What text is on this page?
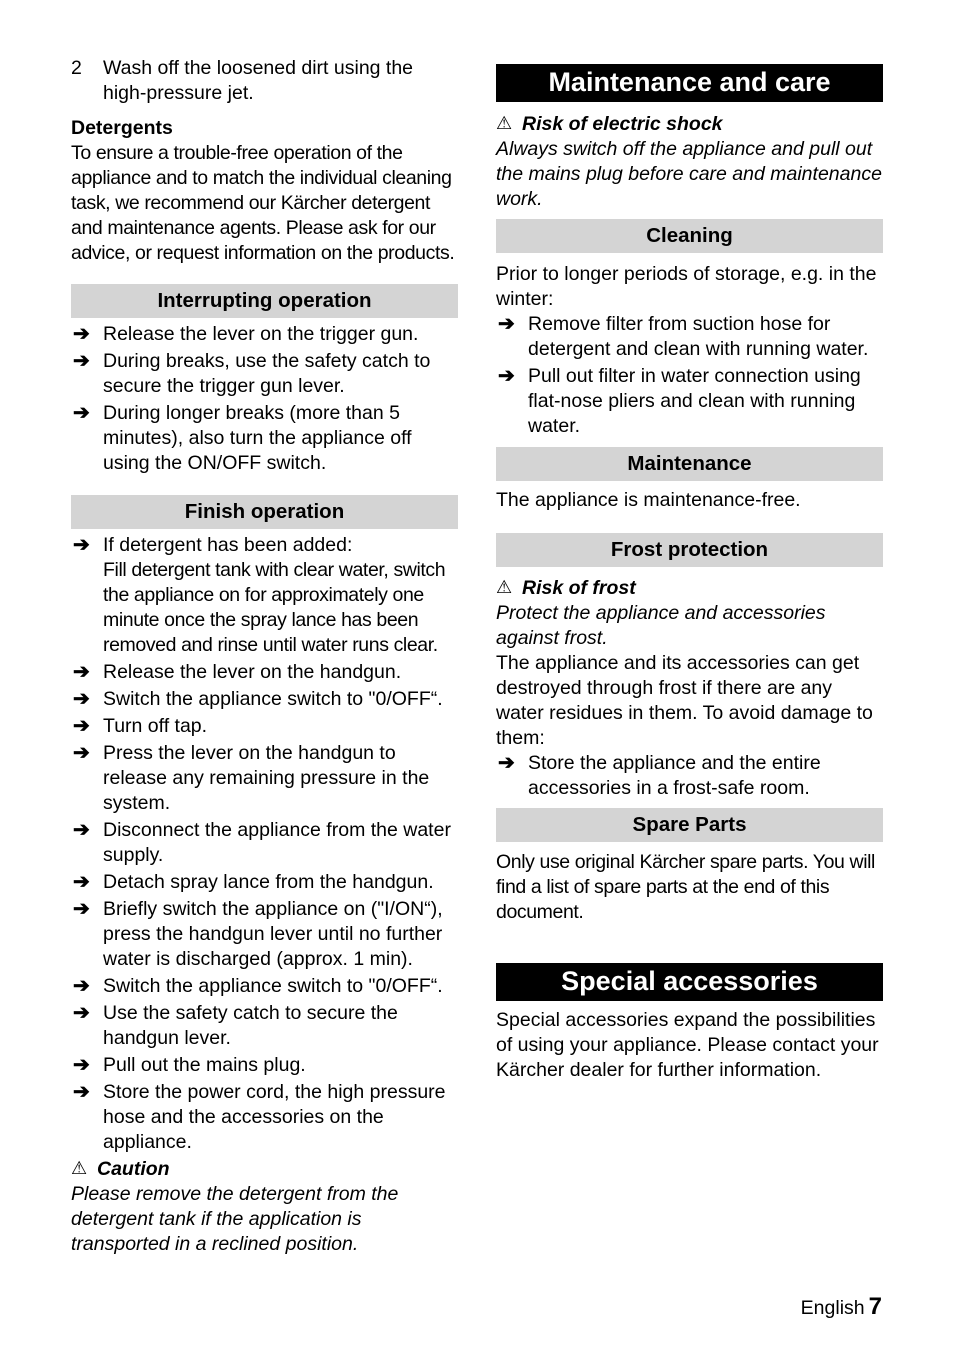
2 Wash off the loosened dirt using the high-pressure jet.
Detergents

To ensure a trouble-free operation of the appliance and to match the individual cleaning task, we recommend our Kärcher detergent and maintenance agents. Please ask for our advice, or request information on the products.

Interrupting operation
➔ Release the lever on the trigger gun.
➔ During breaks, use the safety catch to secure the trigger gun lever.
➔ During longer breaks (more than 5 minutes), also turn the appliance off using the ON/OFF switch.
Finish operation
➔ If detergent has been added:
Fill detergent tank with clear water, switch the appliance on for approximately one minute once the spray lance has been removed and rinse until water runs clear.
➔ Release the lever on the handgun.
➔ Switch the appliance switch to "0/OFF“.
➔ Turn off tap.
➔ Press the lever on the handgun to release any remaining pressure in the system.
➔ Disconnect the appliance from the water supply.
➔ Detach spray lance from the handgun.
➔ Briefly switch the appliance on ("I/ON“), press the handgun lever until no further water is discharged (approx. 1 min).
➔ Switch the appliance switch to "0/OFF“.
➔ Use the safety catch to secure the handgun lever.
➔ Pull out the mains plug.
➔ Store the power cord, the high pressure hose and the accessories on the appliance.
⚠ Caution
Please remove the detergent from the detergent tank if the application is transported in a reclined position.
Maintenance and care
⚠ Risk of electric shock
Always switch off the appliance and pull out the mains plug before care and maintenance work.
Cleaning

Prior to longer periods of storage, e.g. in the winter:

➔ Remove filter from suction hose for detergent and clean with running water.
➔ Pull out filter in water connection using flat-nose pliers and clean with running water.
Maintenance

The appliance is maintenance-free.

Frost protection
⚠ Risk of frost
Protect the appliance and accessories against frost.

The appliance and its accessories can get destroyed through frost if there are any water residues in them. To avoid damage to them:

➔ Store the appliance and the entire accessories in a frost-safe room.
Spare Parts

Only use original Kärcher spare parts. You will find a list of spare parts at the end of this document.

Special accessories

Special accessories expand the possibilities of using your appliance. Please contact your Kärcher dealer for further information.

English 7
